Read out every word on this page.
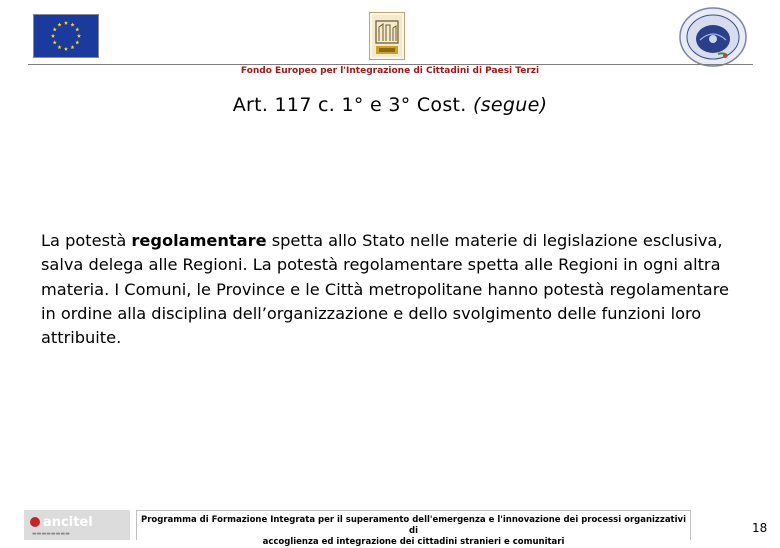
Fondo Europeo per l'Integrazione di Cittadini di Paesi Terzi
Art. 117 c. 1° e 3° Cost. (segue)

La potestà regolamentare spetta allo Stato nelle materie di legislazione esclusiva, salva delega alle Regioni. La potestà regolamentare spetta alle Regioni in ogni altra materia. I Comuni, le Province e le Città metropolitane hanno potestà regolamentare in ordine alla disciplina dell’organizzazione e dello svolgimento delle funzioni loro attribuite.

ancitel
▬▬▬▬▬▬▬▬
Programma di Formazione Integrata per il superamento dell'emergenza e l'innovazione dei processi organizzativi di
accoglienza ed integrazione dei cittadini stranieri e comunitari
18
